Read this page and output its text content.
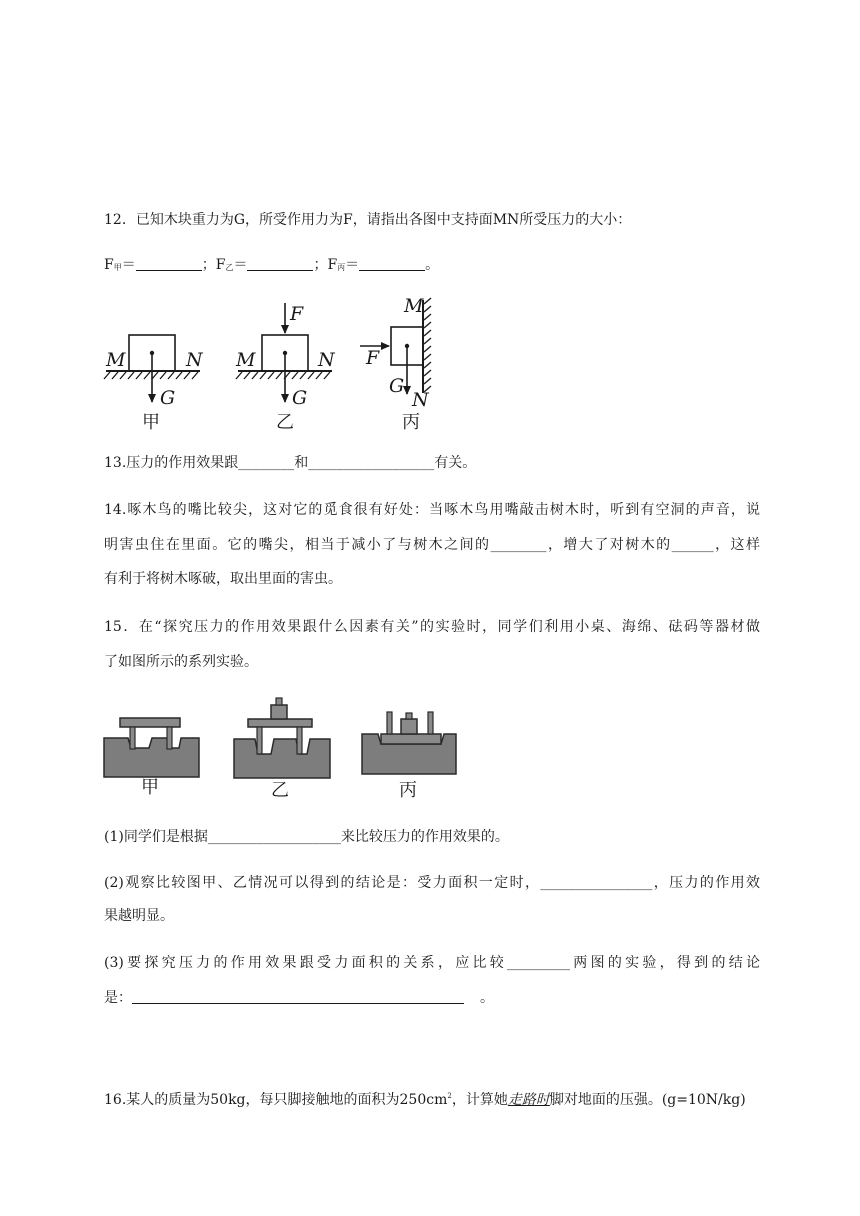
12．已知木块重力为G，所受作用力为F，请指出各图中支持面MN所受压力的大小：
F甲＝	；F乙＝	；F丙＝	。
M	N
G
甲
F
M	N
G
乙
M
F
G
N
丙
13.压力的作用效果跟________和__________________有关。
14.啄木鸟的嘴比较尖，这对它的觅食很有好处：当啄木鸟用嘴敲击树木时，听到有空洞的声音，说
明害虫住在里面。它的嘴尖，相当于减小了与树木之间的________，增大了对树木的______，这样
有利于将树木啄破，取出里面的害虫。
15．在“探究压力的作用效果跟什么因素有关”的实验时，同学们利用小桌、海绵、砝码等器材做
了如图所示的系列实验。
甲	乙	丙
(1)同学们是根据___________________来比较压力的作用效果的。
(2)观察比较图甲、乙情况可以得到的结论是：受力面积一定时，________________，压力的作用效
果越明显。
(3)要探究压力的作用效果跟受力面积的关系，应比较_________两图的实验，得到的结论
是：	。
16.某人的质量为50kg，每只脚接触地的面积为$250cm^2$，计算她走路时脚对地面的压强。(g=10N/kg)
